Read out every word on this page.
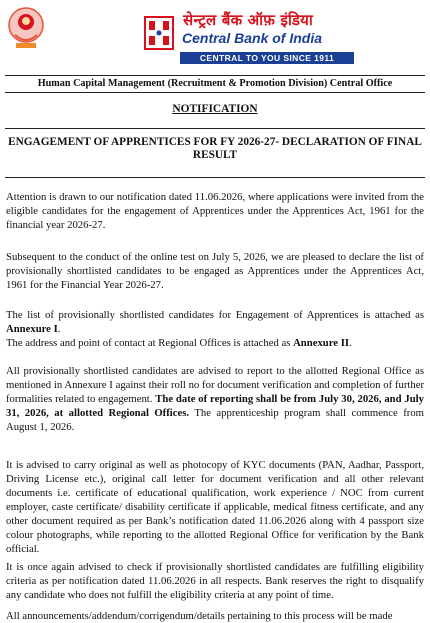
सेन्ट्रल बैंक ऑफ़ इंडिया
Central Bank of India
CENTRAL TO YOU SINCE 1911
Human Capital Management (Recruitment & Promotion Division) Central Office
NOTIFICATION
ENGAGEMENT OF APPRENTICES FOR FY 2026-27- DECLARATION OF FINAL RESULT

Attention is drawn to our notification dated 11.06.2026, where applications were invited from the eligible candidates for the engagement of Apprentices under the Apprentices Act, 1961 for the financial year 2026-27.

Subsequent to the conduct of the online test on July 5, 2026, we are pleased to declare the list of provisionally shortlisted candidates to be engaged as Apprentices under the Apprentices Act, 1961 for the Financial Year 2026-27.

The list of provisionally shortlisted candidates for Engagement of Apprentices is attached as Annexure I.
The address and point of contact at Regional Offices is attached as Annexure II.

All provisionally shortlisted candidates are advised to report to the allotted Regional Office as mentioned in Annexure I against their roll no for document verification and completion of further formalities related to engagement. The date of reporting shall be from July 30, 2026, and July 31, 2026, at allotted Regional Offices. The apprenticeship program shall commence from August 1, 2026.

It is advised to carry original as well as photocopy of KYC documents (PAN, Aadhar, Passport, Driving License etc.), original call letter for document verification and all other relevant documents i.e. certificate of educational qualification, work experience / NOC from current employer, caste certificate/ disability certificate if applicable, medical fitness certificate, and any other document required as per Bank’s notification dated 11.06.2026 along with 4 passport size colour photographs, while reporting to the allotted Regional Office for verification by the Bank official.

It is once again advised to check if provisionally shortlisted candidates are fulfilling eligibility criteria as per notification dated 11.06.2026 in all respects. Bank reserves the right to disqualify any candidate who does not fulfill the eligibility criteria at any point of time.

All announcements/addendum/corrigendum/details pertaining to this process will be made
